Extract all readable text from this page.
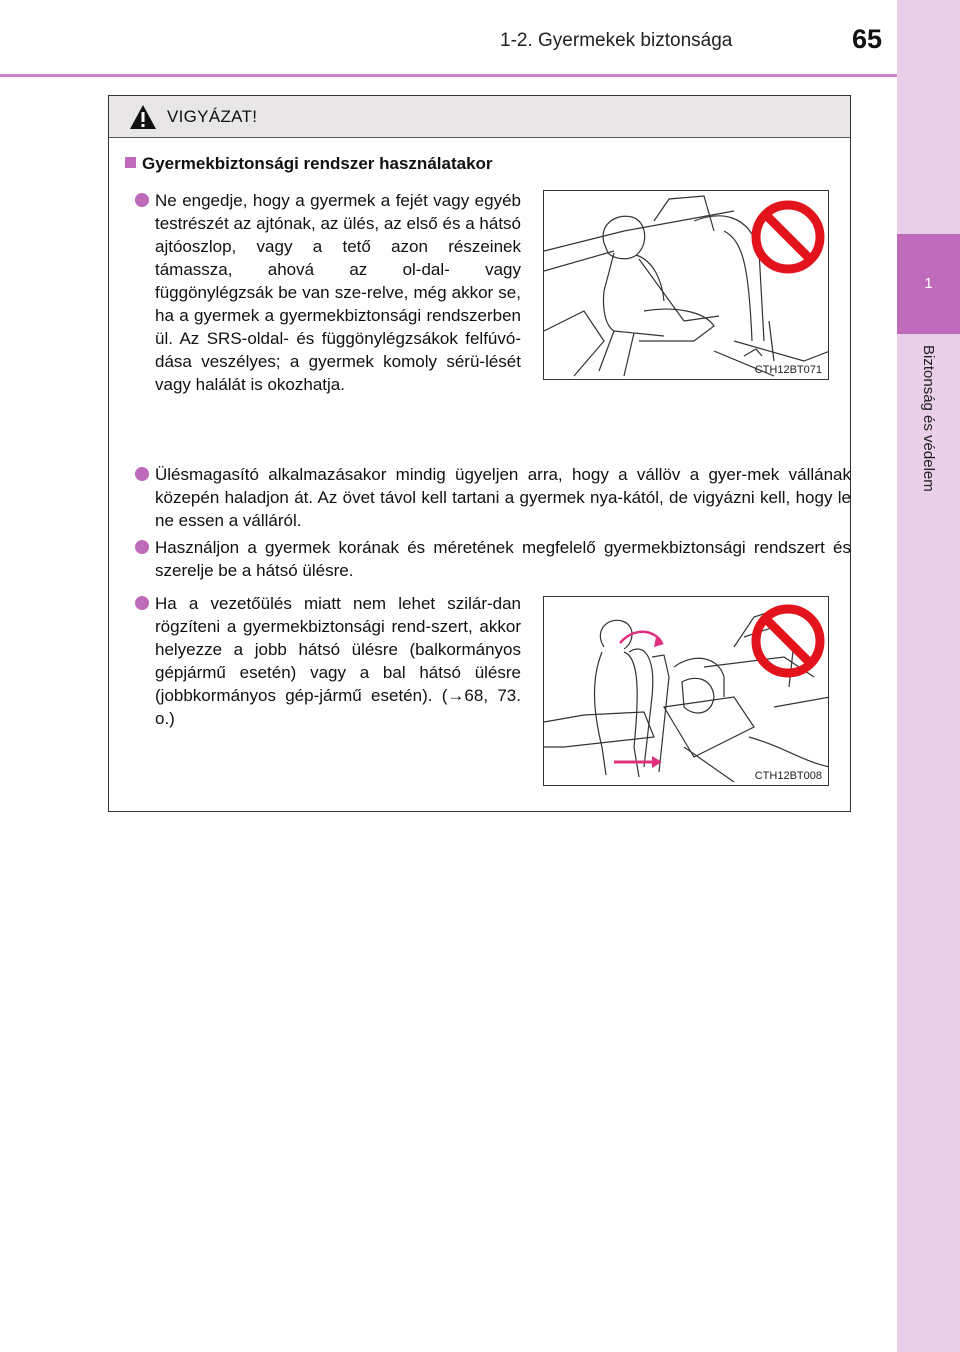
1-2. Gyermekek biztonsága	65
1
Biztonság és védelem
VIGYÁZAT!
Gyermekbiztonsági rendszer használatakor
Ne engedje, hogy a gyermek a fejét vagy egyéb testrészét az ajtónak, az ülés, az első és a hátsó ajtóoszlop, vagy a tető azon részeinek támassza, ahová az ol-dal- vagy függönylégzsák be van sze-relve, még akkor se, ha a gyermek a gyermekbiztonsági rendszerben ül. Az SRS-oldal- és függönylégzsákok felfúvó-dása veszélyes; a gyermek komoly sérü-lését vagy halálát is okozhatja.
CTH12BT071
Ülésmagasító alkalmazásakor mindig ügyeljen arra, hogy a vállöv a gyer-mek vállának közepén haladjon át. Az övet távol kell tartani a gyermek nya-kától, de vigyázni kell, hogy le ne essen a válláról.
Használjon a gyermek korának és méretének megfelelő gyermekbiztonsági rendszert és szerelje be a hátsó ülésre.
Ha a vezetőülés miatt nem lehet szilár-dan rögzíteni a gyermekbiztonsági rend-szert, akkor helyezze a jobb hátsó ülésre (balkormányos gépjármű esetén) vagy a bal hátsó ülésre (jobbkormányos gép-jármű esetén). (→68, 73. o.)
CTH12BT008
